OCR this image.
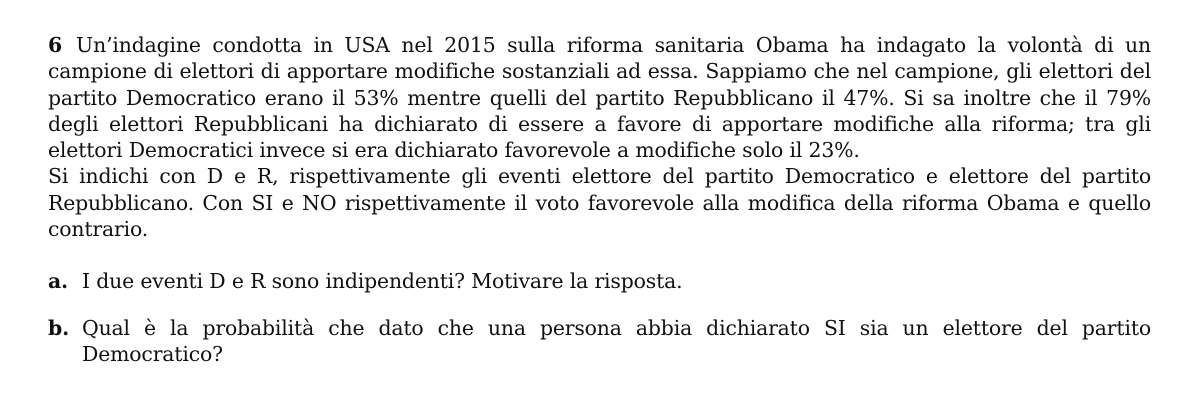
6 Un’indagine condotta in USA nel 2015 sulla riforma sanitaria Obama ha indagato la volontà di un campione di elettori di apportare modifiche sostanziali ad essa. Sappiamo che nel campione, gli elettori del partito Democratico erano il 53% mentre quelli del partito Repubblicano il 47%. Si sa inoltre che il 79% degli elettori Repubblicani ha dichiarato di essere a favore di apportare modifiche alla riforma; tra gli elettori Democratici invece si era dichiarato favorevole a modifiche solo il 23%.

Si indichi con D e R, rispettivamente gli eventi elettore del partito Democratico e elettore del partito Repubblicano. Con SI e NO rispettivamente il voto favorevole alla modifica della riforma Obama e quello contrario.

a. I due eventi D e R sono indipendenti? Motivare la risposta.
b. Qual è la probabilità che dato che una persona abbia dichiarato SI sia un elettore del partito Democratico?
